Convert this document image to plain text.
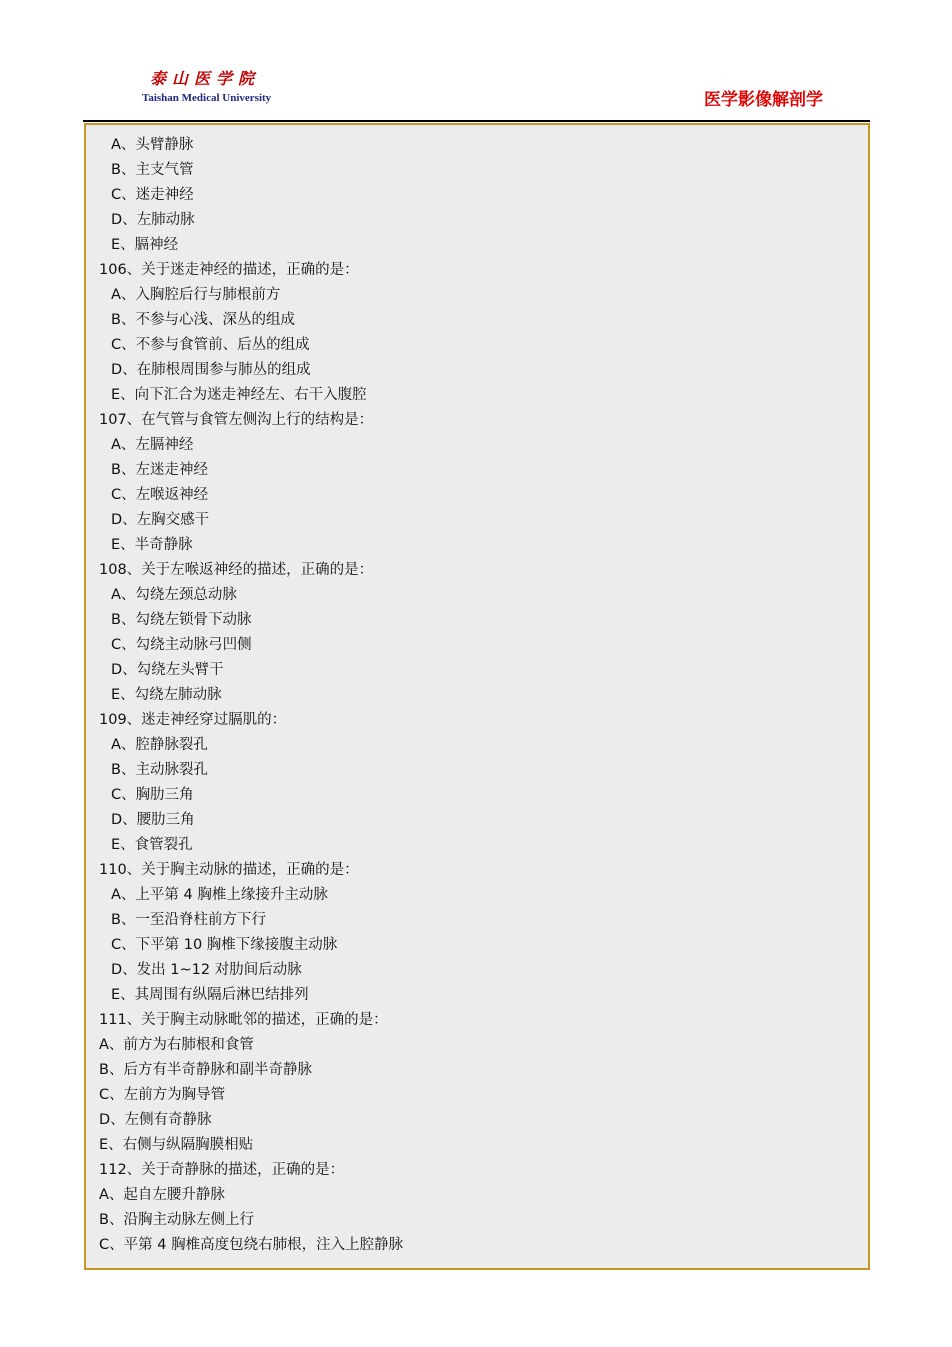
泰山医学院
Taishan Medical University	医学影像解剖学
A、头臂静脉
B、主支气管
C、迷走神经
D、左肺动脉
E、膈神经
106、关于迷走神经的描述，正确的是：
A、入胸腔后行与肺根前方
B、不参与心浅、深丛的组成
C、不参与食管前、后丛的组成
D、在肺根周围参与肺丛的组成
E、向下汇合为迷走神经左、右干入腹腔
107、在气管与食管左侧沟上行的结构是：
A、左膈神经
B、左迷走神经
C、左喉返神经
D、左胸交感干
E、半奇静脉
108、关于左喉返神经的描述，正确的是：
A、勾绕左颈总动脉
B、勾绕左锁骨下动脉
C、勾绕主动脉弓凹侧
D、勾绕左头臂干
E、勾绕左肺动脉
109、迷走神经穿过膈肌的：
A、腔静脉裂孔
B、主动脉裂孔
C、胸肋三角
D、腰肋三角
E、食管裂孔
110、关于胸主动脉的描述，正确的是：
A、上平第 4 胸椎上缘接升主动脉
B、一至沿脊柱前方下行
C、下平第 10 胸椎下缘接腹主动脉
D、发出 1~12 对肋间后动脉
E、其周围有纵隔后淋巴结排列
111、关于胸主动脉毗邻的描述，正确的是：
A、前方为右肺根和食管
B、后方有半奇静脉和副半奇静脉
C、左前方为胸导管
D、左侧有奇静脉
E、右侧与纵隔胸膜相贴
112、关于奇静脉的描述，正确的是：
A、起自左腰升静脉
B、沿胸主动脉左侧上行
C、平第 4 胸椎高度包绕右肺根，注入上腔静脉
